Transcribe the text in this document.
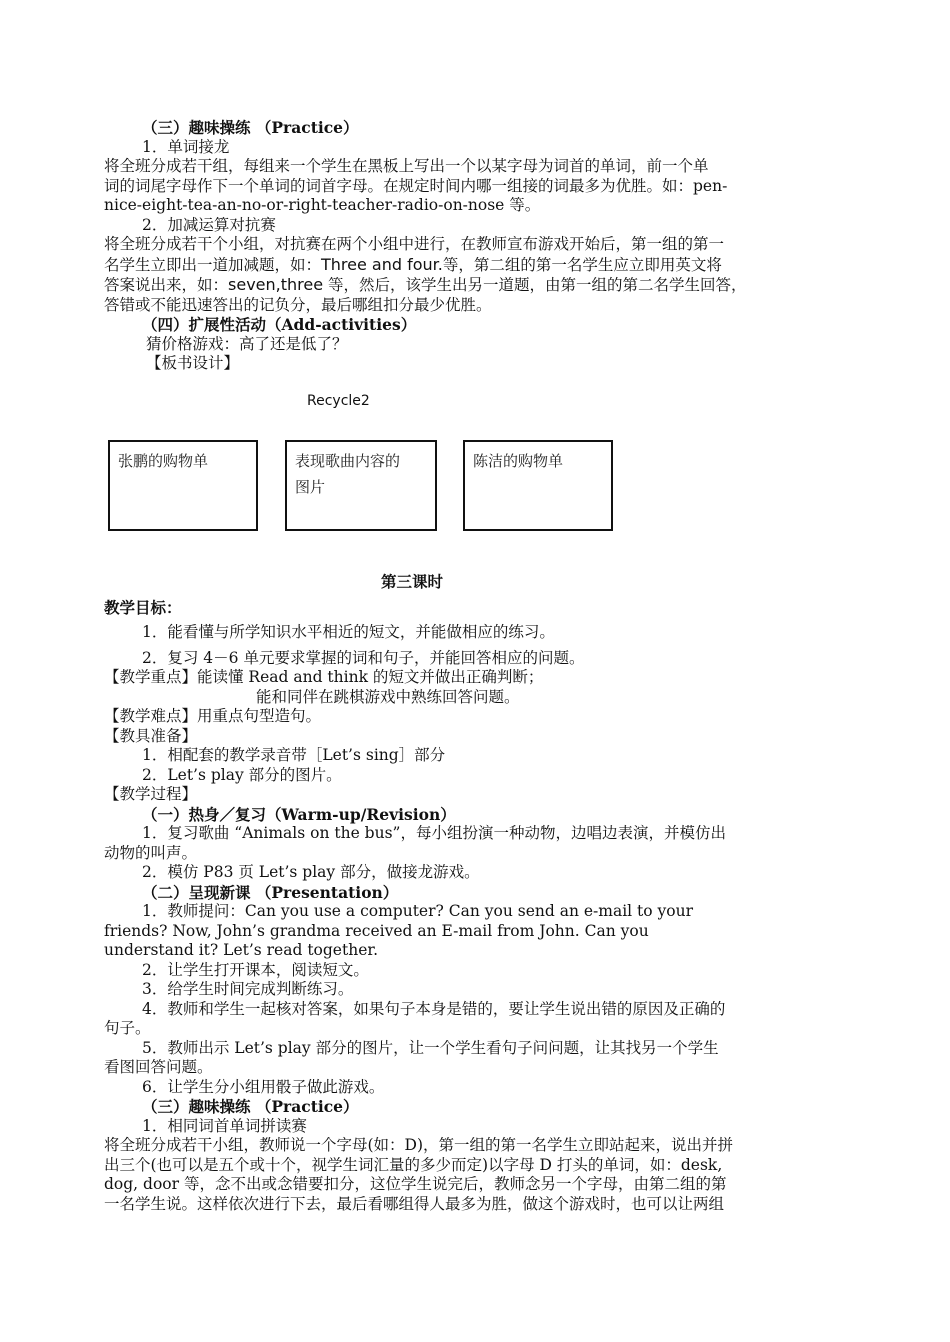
（三）趣味操练 （Practice）
1．单词接龙
将全班分成若干组，每组来一个学生在黑板上写出一个以某字母为词首的单词，前一个单
词的词尾字母作下一个单词的词首字母。在规定时间内哪一组接的词最多为优胜。如：pen-
nice-eight-tea-an-no-or-right-teacher-radio-on-nose 等。
2．加减运算对抗赛
将全班分成若干个小组，对抗赛在两个小组中进行，在教师宣布游戏开始后，第一组的第一
名学生立即出一道加减题，如：Three and four.等，第二组的第一名学生应立即用英文将
答案说出来，如：seven,three 等，然后，该学生出另一道题，由第一组的第二名学生回答，
答错或不能迅速答出的记负分，最后哪组扣分最少优胜。
（四）扩展性活动（Add-activities）
猜价格游戏：高了还是低了？
【板书设计】
Recycle2
张鹏的购物单	表现歌曲内容的
图片
陈洁的购物单
第三课时
教学目标：
1．能看懂与所学知识水平相近的短文，并能做相应的练习。
2．复习 4－6 单元要求掌握的词和句子，并能回答相应的问题。
【教学重点】能读懂 Read and think 的短文并做出正确判断；
能和同伴在跳棋游戏中熟练回答问题。
【教学难点】用重点句型造句。
【教具准备】
1．相配套的教学录音带［Let’s sing］部分
2．Let’s play 部分的图片。
【教学过程】
（一）热身／复习（Warm-up/Revision）
1．复习歌曲 “Animals on the bus”，每小组扮演一种动物，边唱边表演，并模仿出
动物的叫声。
2．模仿 P83 页 Let’s play 部分，做接龙游戏。
（二）呈现新课 （Presentation）
1．教师提问：Can you use a computer? Can you send an e-mail to your
friends? Now, John’s grandma received an E-mail from John. Can you
understand it? Let’s read together.
2．让学生打开课本，阅读短文。
3．给学生时间完成判断练习。
4．教师和学生一起核对答案，如果句子本身是错的，要让学生说出错的原因及正确的
句子。
5．教师出示 Let’s play 部分的图片，让一个学生看句子问问题，让其找另一个学生
看图回答问题。
6．让学生分小组用骰子做此游戏。
（三）趣味操练 （Practice）
1．相同词首单词拼读赛
将全班分成若干小组，教师说一个字母(如：D)，第一组的第一名学生立即站起来，说出并拼
出三个(也可以是五个或十个，视学生词汇量的多少而定)以字母 D 打头的单词，如：desk,
dog, door 等，念不出或念错要扣分，这位学生说完后，教师念另一个字母，由第二组的第
一名学生说。这样依次进行下去，最后看哪组得人最多为胜，做这个游戏时，也可以让两组
